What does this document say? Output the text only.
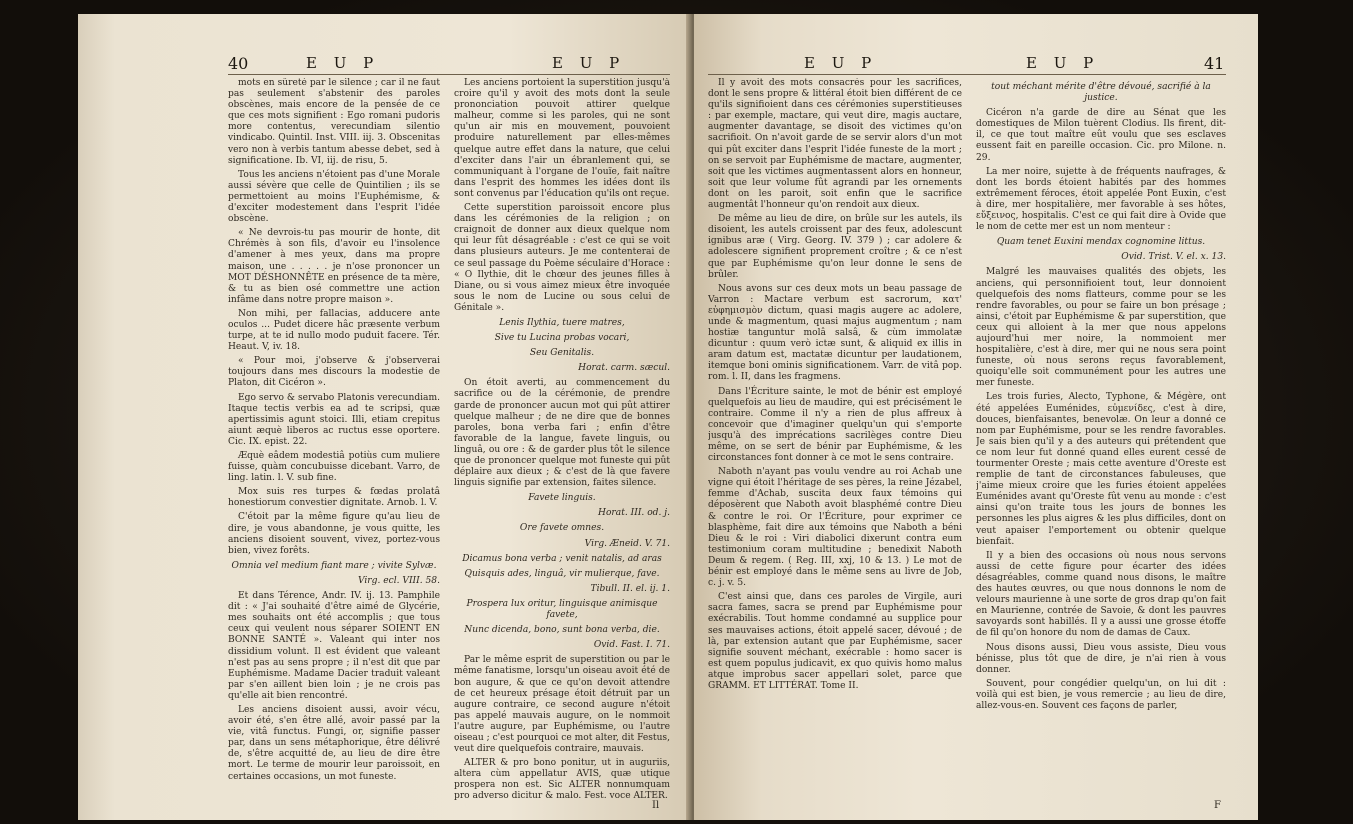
40	E U P	E U P

mots en sûreté par le silence ; car il ne faut pas seulement s'abstenir des paroles obscènes, mais encore de la pensée de ce que ces mots signifient : Ego romani pudoris more contentus, verecundiam silentio vindicabo. Quintil. Inst. VIII. iij. 3. Obscenitas vero non à verbis tantum abesse debet, sed à significatione. Ib. VI, iij. de risu, 5.

Tous les anciens n'étoient pas d'une Morale aussi sévère que celle de Quintilien ; ils se permettoient au moins l'Euphémisme, & d'exciter modestement dans l'esprit l'idée obscène.

« Ne devrois-tu pas mourir de honte, dit Chrémès à son fils, d'avoir eu l'insolence d'amener à mes yeux, dans ma propre maison, une . . . . . je n'ose prononcer un MOT DÉSHONNÊTE en présence de ta mère, & tu as bien osé commettre une action infâme dans notre propre maison ».

Non mihi, per fallacias, adducere ante oculos ... Pudet dicere hâc præsente verbum turpe, at te id nullo modo puduit facere. Tér. Heaut. V, iv. 18.

« Pour moi, j'observe & j'observerai toujours dans mes discours la modestie de Platon, dit Cicéron ».

Ego servo & servabo Platonis verecundiam. Itaque tectis verbis ea ad te scripsi, quæ apertissimis agunt stoici. Illi, etiam crepitus aiunt æquè liberos ac ructus esse oportere. Cic. IX. epist. 22.

Æquè eâdem modestiâ potiùs cum muliere fuisse, quàm concubuisse dicebant. Varro, de ling. latin. l. V. sub fine.

Mox suis res turpes & fœdas prolatâ honestiorum convestier dignitate. Arnob. l. V.

C'étoit par la même figure qu'au lieu de dire, je vous abandonne, je vous quitte, les anciens disoient souvent, vivez, portez-vous bien, vivez forêts.

Omnia vel medium fiant mare ; vivite Sylvæ.

Virg. ecl. VIII. 58.

Et dans Térence, Andr. IV. ij. 13. Pamphile dit : « J'ai souhaité d'être aimé de Glycérie, mes souhaits ont été accomplis ; que tous ceux qui veulent nous séparer SOIENT EN BONNE SANTÉ ». Valeant qui inter nos dissidium volunt. Il est évident que valeant n'est pas au sens propre ; il n'est dit que par Euphémisme. Madame Dacier traduit valeant par s'en aillent bien loin ; je ne crois pas qu'elle ait bien rencontré.

Les anciens disoient aussi, avoir vécu, avoir été, s'en être allé, avoir passé par la vie, vitâ functus. Fungi, or, signifie passer par, dans un sens métaphorique, être délivré de, s'être acquitté de, au lieu de dire être mort. Le terme de mourir leur paroissoit, en certaines occasions, un mot funeste.

Les anciens portoient la superstition jusqu'à croire qu'il y avoit des mots dont la seule prononciation pouvoit attirer quelque malheur, comme si les paroles, qui ne sont qu'un air mis en mouvement, pouvoient produire naturellement par elles-mêmes quelque autre effet dans la nature, que celui d'exciter dans l'air un ébranlement qui, se communiquant à l'organe de l'ouïe, fait naître dans l'esprit des hommes les idées dont ils sont convenus par l'éducation qu'ils ont reçue.

Cette superstition paroissoit encore plus dans les cérémonies de la religion ; on craignoit de donner aux dieux quelque nom qui leur fût désagréable : c'est ce qui se voit dans plusieurs auteurs. Je me contenterai de ce seul passage du Poème séculaire d'Horace : « O Ilythie, dit le chœur des jeunes filles à Diane, ou si vous aimez mieux être invoquée sous le nom de Lucine ou sous celui de Génitale ».

Lenis Ilythia, tuere matres,

Sive tu Lucina probas vocari,

Seu Genitalis.

Horat. carm. sæcul.

On étoit averti, au commencement du sacrifice ou de la cérémonie, de prendre garde de prononcer aucun mot qui pût attirer quelque malheur ; de ne dire que de bonnes paroles, bona verba fari ; enfin d'être favorable de la langue, favete linguis, ou linguâ, ou ore : & de garder plus tôt le silence que de prononcer quelque mot funeste qui pût déplaire aux dieux ; & c'est de là que favere linguis signifie par extension, faites silence.

Favete linguis.

Horat. III. od. j.

Ore favete omnes.

Virg. Æneid. V. 71.

Dicamus bona verba ; venit natalis, ad aras

Quisquis ades, linguâ, vir mulierque, fave.

Tibull. II. el. ij. 1.

Prospera lux oritur, linguisque animisque favete,

Nunc dicenda, bono, sunt bona verba, die.

Ovid. Fast. I. 71.

Par le même esprit de superstition ou par le même fanatisme, lorsqu'un oiseau avoit été de bon augure, & que ce qu'on devoit attendre de cet heureux présage étoit détruit par un augure contraire, ce second augure n'étoit pas appelé mauvais augure, on le nommoit l'autre augure, par Euphémisme, ou l'autre oiseau ; c'est pourquoi ce mot alter, dit Festus, veut dire quelquefois contraire, mauvais.

ALTER & pro bono ponitur, ut in auguriis, altera cùm appellatur AVIS, quæ utique prospera non est. Sic ALTER nonnumquam pro adverso dicitur & malo. Fest. voce ALTER.

Il
E U P	E U P	41

Il y avoit des mots consacrés pour les sacrifices, dont le sens propre & littéral étoit bien différent de ce qu'ils signifioient dans ces cérémonies superstitieuses : par exemple, mactare, qui veut dire, magis auctare, augmenter davantage, se disoit des victimes qu'on sacrifioit. On n'avoit garde de se servir alors d'un mot qui pût exciter dans l'esprit l'idée funeste de la mort ; on se servoit par Euphémisme de mactare, augmenter, soit que les victimes augmentassent alors en honneur, soit que leur volume fût agrandi par les ornements dont on les paroit, soit enfin que le sacrifice augmentât l'honneur qu'on rendoit aux dieux.

De même au lieu de dire, on brûle sur les autels, ils disoient, les autels croissent par des feux, adolescunt ignibus aræ ( Virg. Georg. IV. 379 ) ; car adolere & adolescere signifient proprement croître ; & ce n'est que par Euphémisme qu'on leur donne le sens de brûler.

Nous avons sur ces deux mots un beau passage de Varron : Mactare verbum est sacrorum, κατ' εὐφημισμὸν dictum, quasi magis augere ac adolere, unde & magmentum, quasi majus augmentum ; nam hostiæ tanguntur molâ salsâ, & cùm immolatæ dicuntur : quum verò ictæ sunt, & aliquid ex illis in aram datum est, mactatæ dicuntur per laudationem, itemque boni ominis significationem. Varr. de vitâ pop. rom. l. II, dans les fragmens.

Dans l'Écriture sainte, le mot de bénir est employé quelquefois au lieu de maudire, qui est précisément le contraire. Comme il n'y a rien de plus affreux à concevoir que d'imaginer quelqu'un qui s'emporte jusqu'à des imprécations sacrilèges contre Dieu même, on se sert de bénir par Euphémisme, & les circonstances font donner à ce mot le sens contraire.

Naboth n'ayant pas voulu vendre au roi Achab une vigne qui étoit l'héritage de ses pères, la reine Jézabel, femme d'Achab, suscita deux faux témoins qui déposèrent que Naboth avoit blasphémé contre Dieu & contre le roi. Or l'Écriture, pour exprimer ce blasphème, fait dire aux témoins que Naboth a béni Dieu & le roi : Viri diabolici dixerunt contra eum testimonium coram multitudine ; benedixit Naboth Deum & regem. ( Reg. III, xxj, 10 & 13. ) Le mot de bénir est employé dans le même sens au livre de Job, c. j. v. 5.

C'est ainsi que, dans ces paroles de Virgile, auri sacra fames, sacra se prend par Euphémisme pour exécrabilis. Tout homme condamné au supplice pour ses mauvaises actions, étoit appelé sacer, dévoué ; de là, par extension autant que par Euphémisme, sacer signifie souvent méchant, exécrable : homo sacer is est quem populus judicavit, ex quo quivis homo malus atque improbus sacer appellari solet, parce que GRAMM. ET LITTÉRAT. Tome II.

tout méchant mérite d'être dévoué, sacrifié à la justice.

Cicéron n'a garde de dire au Sénat que les domestiques de Milon tuèrent Clodius. Ils firent, dit-il, ce que tout maître eût voulu que ses esclaves eussent fait en pareille occasion. Cic. pro Milone. n. 29.

La mer noire, sujette à de fréquents naufrages, & dont les bords étoient habités par des hommes extrêmement féroces, étoit appelée Pont Euxin, c'est à dire, mer hospitalière, mer favorable à ses hôtes, εὔξεινος, hospitalis. C'est ce qui fait dire à Ovide que le nom de cette mer est un nom menteur :

Quam tenet Euxini mendax cognomine littus.

Ovid. Trist. V. el. x. 13.

Malgré les mauvaises qualités des objets, les anciens, qui personnifioient tout, leur donnoient quelquefois des noms flatteurs, comme pour se les rendre favorables, ou pour se faire un bon présage ; ainsi, c'étoit par Euphémisme & par superstition, que ceux qui alloient à la mer que nous appelons aujourd'hui mer noire, la nommoient mer hospitalière, c'est à dire, mer qui ne nous sera point funeste, où nous serons reçus favorablement, quoiqu'elle soit communément pour les autres une mer funeste.

Les trois furies, Alecto, Typhone, & Mégère, ont été appelées Euménides, εὐμενίδες, c'est à dire, douces, bienfaisantes, benevolæ. On leur a donné ce nom par Euphémisme, pour se les rendre favorables. Je sais bien qu'il y a des auteurs qui prétendent que ce nom leur fut donné quand elles eurent cessé de tourmenter Oreste ; mais cette aventure d'Oreste est remplie de tant de circonstances fabuleuses, que j'aime mieux croire que les furies étoient appelées Euménides avant qu'Oreste fût venu au monde : c'est ainsi qu'on traite tous les jours de bonnes les personnes les plus aigres & les plus difficiles, dont on veut apaiser l'emportement ou obtenir quelque bienfait.

Il y a bien des occasions où nous nous servons aussi de cette figure pour écarter des idées désagréables, comme quand nous disons, le maître des hautes œuvres, ou que nous donnons le nom de velours maurienne à une sorte de gros drap qu'on fait en Maurienne, contrée de Savoie, & dont les pauvres savoyards sont habillés. Il y a aussi une grosse étoffe de fil qu'on honore du nom de damas de Caux.

Nous disons aussi, Dieu vous assiste, Dieu vous bénisse, plus tôt que de dire, je n'ai rien à vous donner.

Souvent, pour congédier quelqu'un, on lui dit : voilà qui est bien, je vous remercie ; au lieu de dire, allez-vous-en. Souvent ces façons de parler,

F
